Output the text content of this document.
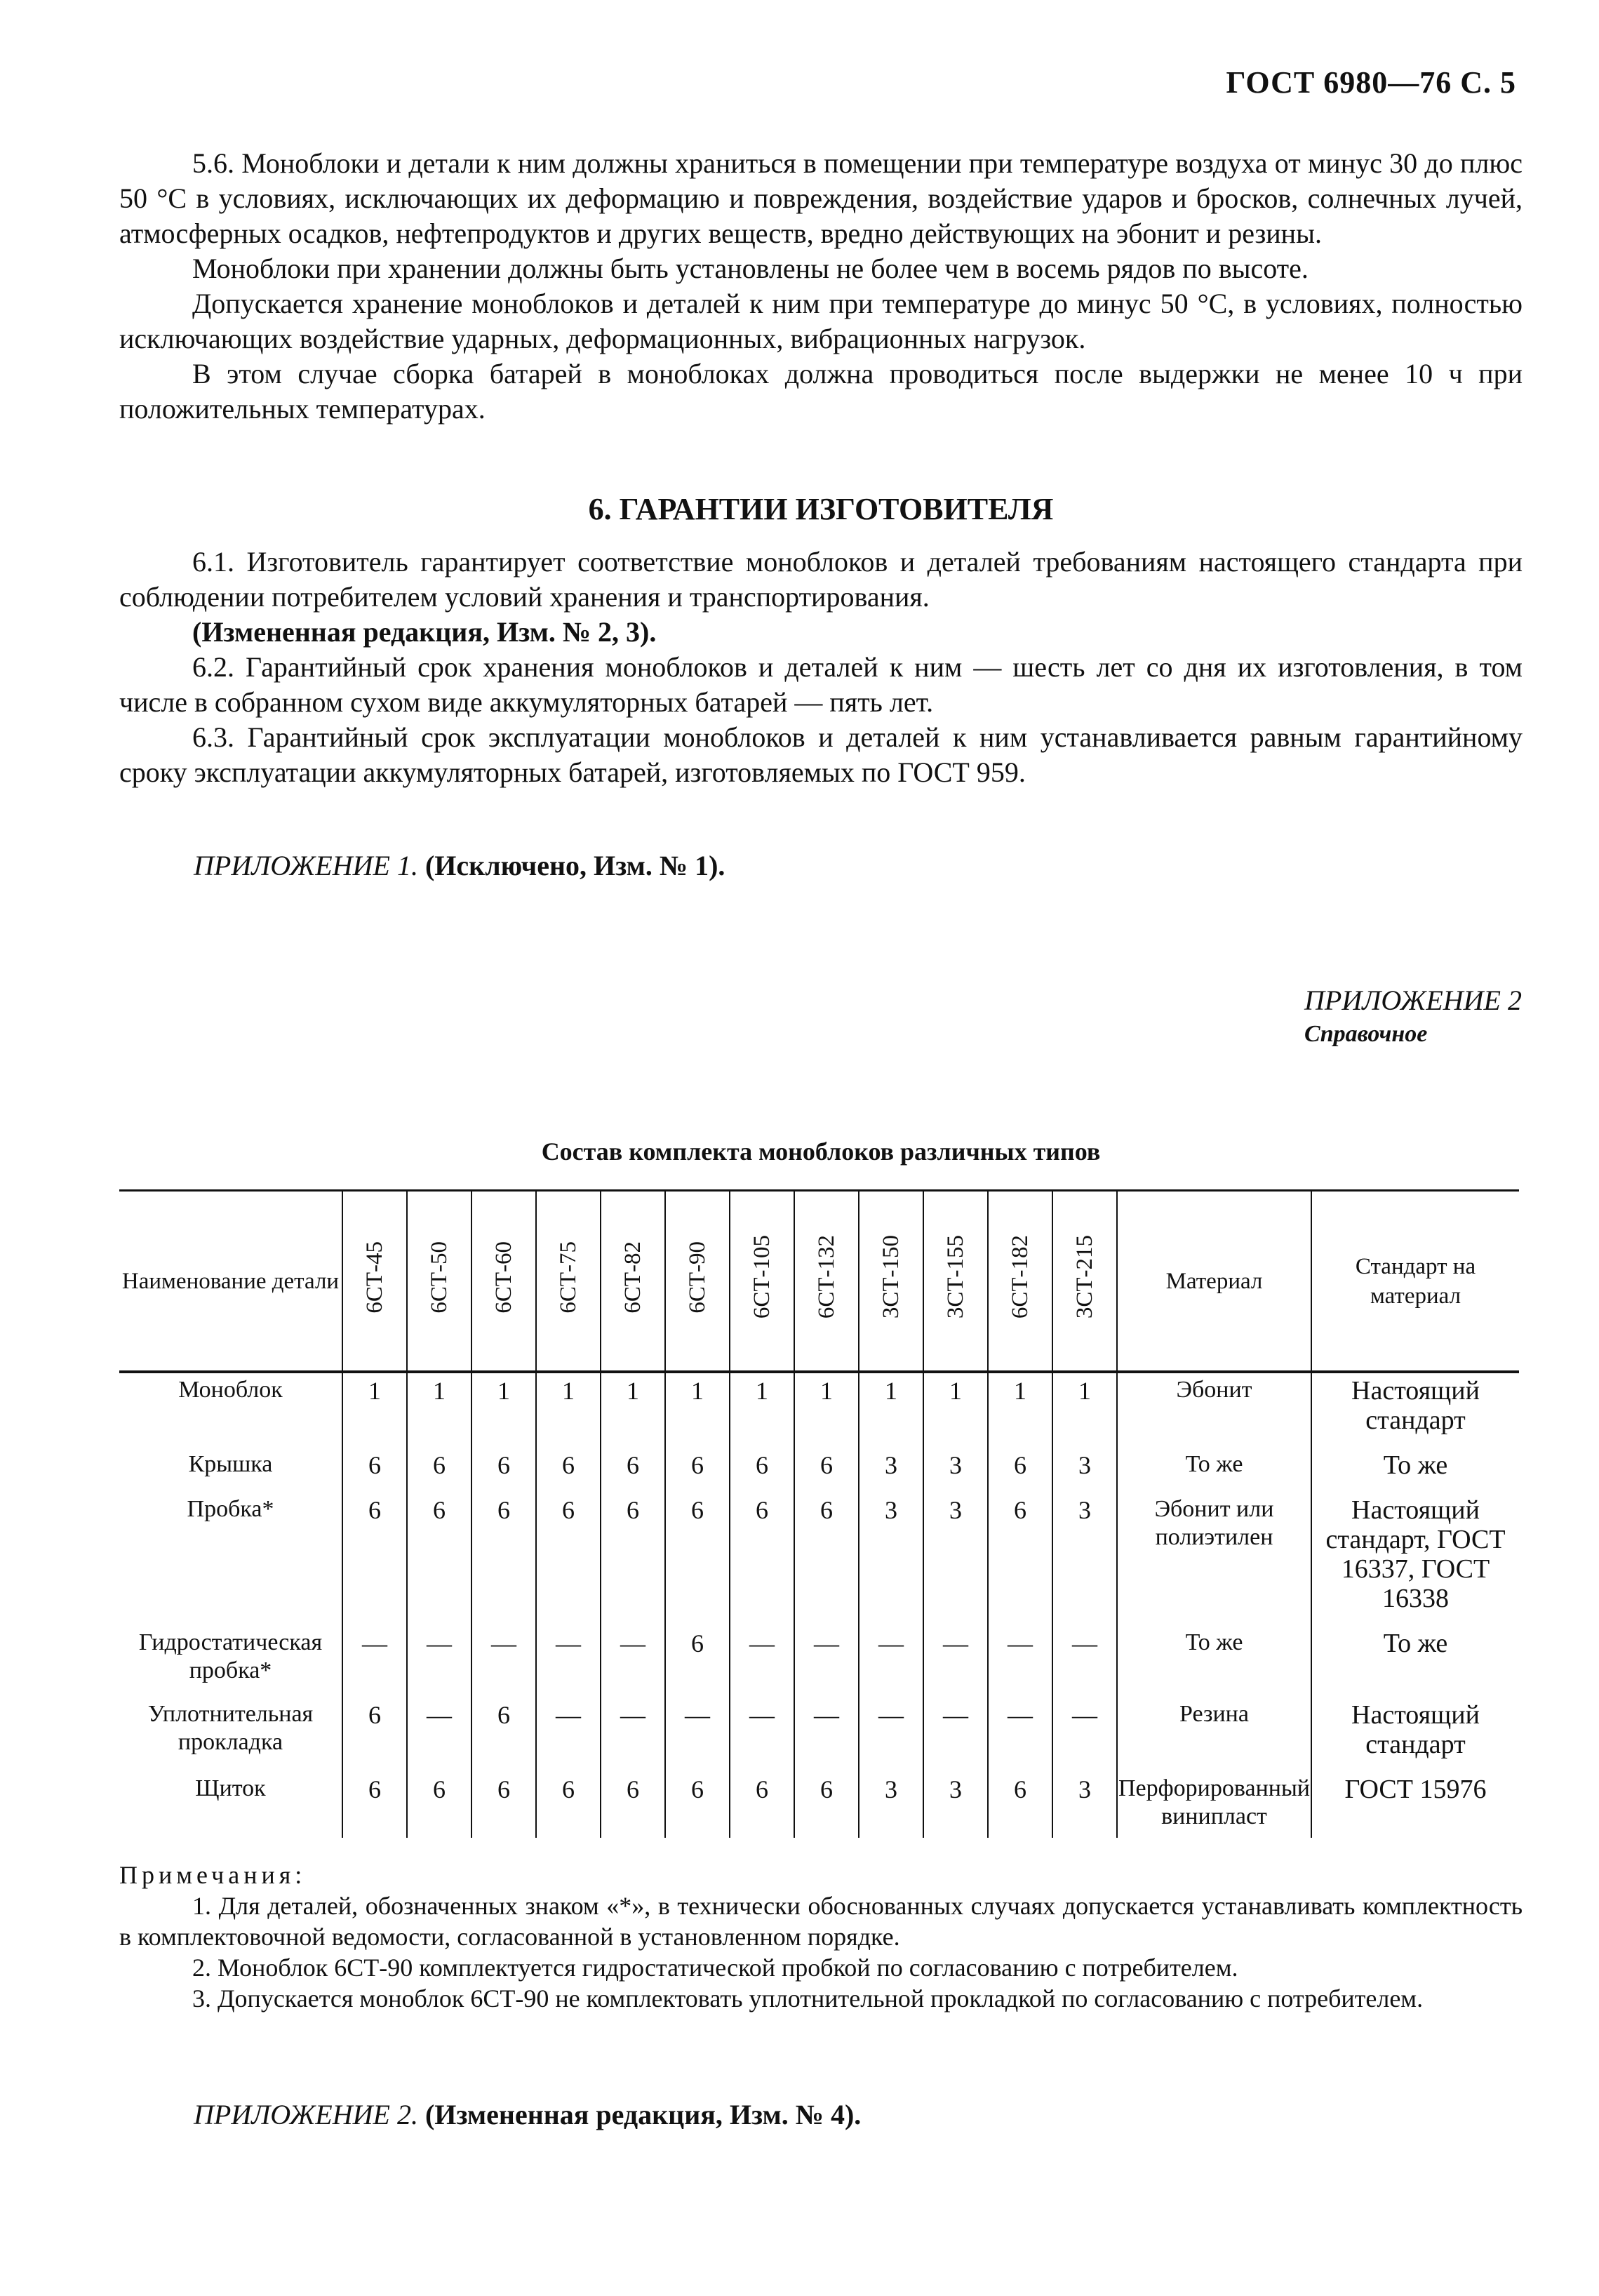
ГОСТ 6980—76 С. 5

5.6. Моноблоки и детали к ним должны храниться в помещении при температуре воздуха от минус 30 до плюс 50 °С в условиях, исключающих их деформацию и повреждения, воздействие ударов и бросков, солнечных лучей, атмосферных осадков, нефтепродуктов и других веществ, вредно действующих на эбонит и резины.

Моноблоки при хранении должны быть установлены не более чем в восемь рядов по высоте.

Допускается хранение моноблоков и деталей к ним при температуре до минус 50 °С, в условиях, полностью исключающих воздействие ударных, деформационных, вибрационных нагрузок.

В этом случае сборка батарей в моноблоках должна проводиться после выдержки не менее 10 ч при положительных температурах.

6. ГАРАНТИИ ИЗГОТОВИТЕЛЯ

6.1. Изготовитель гарантирует соответствие моноблоков и деталей требованиям настоящего стандарта при соблюдении потребителем условий хранения и транспортирования.

(Измененная редакция, Изм. № 2, 3).

6.2. Гарантийный срок хранения моноблоков и деталей к ним — шесть лет со дня их изготовления, в том числе в собранном сухом виде аккумуляторных батарей — пять лет.

6.3. Гарантийный срок эксплуатации моноблоков и деталей к ним устанавливается равным гарантийному сроку эксплуатации аккумуляторных батарей, изготовляемых по ГОСТ 959.

ПРИЛОЖЕНИЕ 1. (Исключено, Изм. № 1).
ПРИЛОЖЕНИЕ 2
Справочное
Состав комплекта моноблоков различных типов
Наименование детали	6СТ-45	6СТ-50	6СТ-60	6СТ-75	6СТ-82	6СТ-90	6СТ-105	6СТ-132	3СТ-150	3СТ-155	6СТ-182	3СТ-215	Материал	Стандарт на материал
Моноблок	1	1	1	1	1	1	1	1	1	1	1	1	Эбонит	Настоящий стандарт
Крышка	6	6	6	6	6	6	6	6	3	3	6	3	То же	То же
Пробка*	6	6	6	6	6	6	6	6	3	3	6	3	Эбонит или полиэтилен	Настоящий стандарт, ГОСТ 16337, ГОСТ 16338
Гидростатическая пробка*	—	—	—	—	—	6	—	—	—	—	—	—	То же	То же
Уплотнительная прокладка	6	—	6	—	—	—	—	—	—	—	—	—	Резина	Настоящий стандарт
Щиток	6	6	6	6	6	6	6	6	3	3	6	3	Перфорированный винипласт	ГОСТ 15976
Примечания:

1. Для деталей, обозначенных знаком «*», в технически обоснованных случаях допускается устанавливать комплектность в комплектовочной ведомости, согласованной в установленном порядке.

2. Моноблок 6СТ-90 комплектуется гидростатической пробкой по согласованию с потребителем.

3. Допускается моноблок 6СТ-90 не комплектовать уплотнительной прокладкой по согласованию с потребителем.

ПРИЛОЖЕНИЕ 2. (Измененная редакция, Изм. № 4).
